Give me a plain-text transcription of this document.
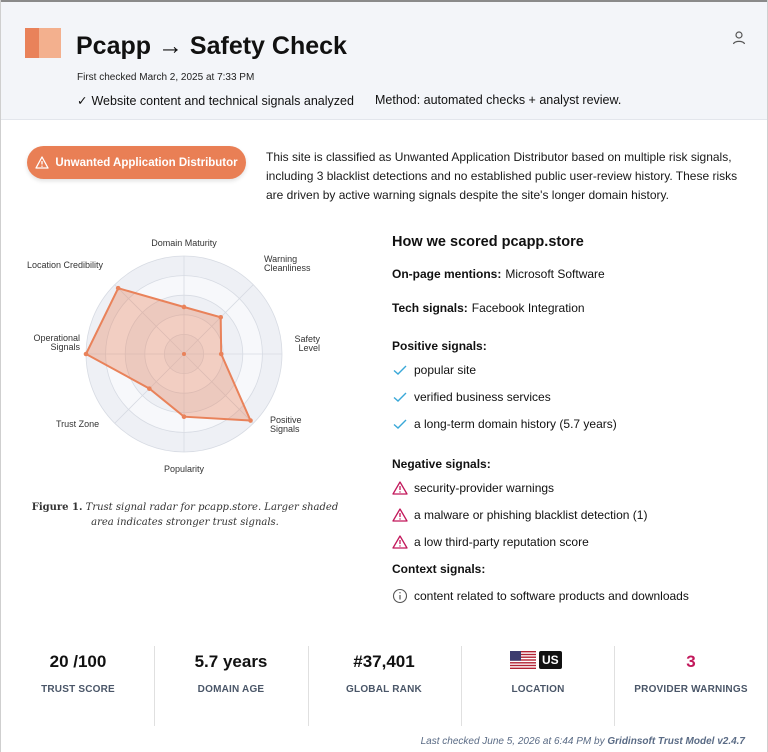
Pcapp → Safety Check
First checked March 2, 2025 at 7:33 PM
✓ Website content and technical signals analyzed Method: automated checks + analyst review.
Unwanted Application Distributor This site is classified as Unwanted Application Distributor based on multiple risk signals, including 3 blacklist detections and no established public user-review history. These risks are driven by active warning signals despite the site's longer domain history.
Domain Maturity
Warning
Cleanliness
Safety
Level
Positive
Signals
Popularity
Trust Zone
Operational
Signals
Location Credibility
Figure 1. Trust signal radar for pcapp.store. Larger shaded area indicates stronger trust signals.
How we scored pcapp.store
On-page mentions: Microsoft Software
Tech signals: Facebook Integration
Positive signals:
popular site
verified business services
a long-term domain history (5.7 years)
Negative signals:
security-provider warnings
a malware or phishing blacklist detection (1)
a low third-party reputation score
Context signals:
content related to software products and downloads
20 /100
TRUST SCORE
5.7 years
DOMAIN AGE
#37,401
GLOBAL RANK
US
LOCATION
3
PROVIDER WARNINGS
Last checked June 5, 2026 at 6:44 PM by Gridinsoft Trust Model v2.4.7
